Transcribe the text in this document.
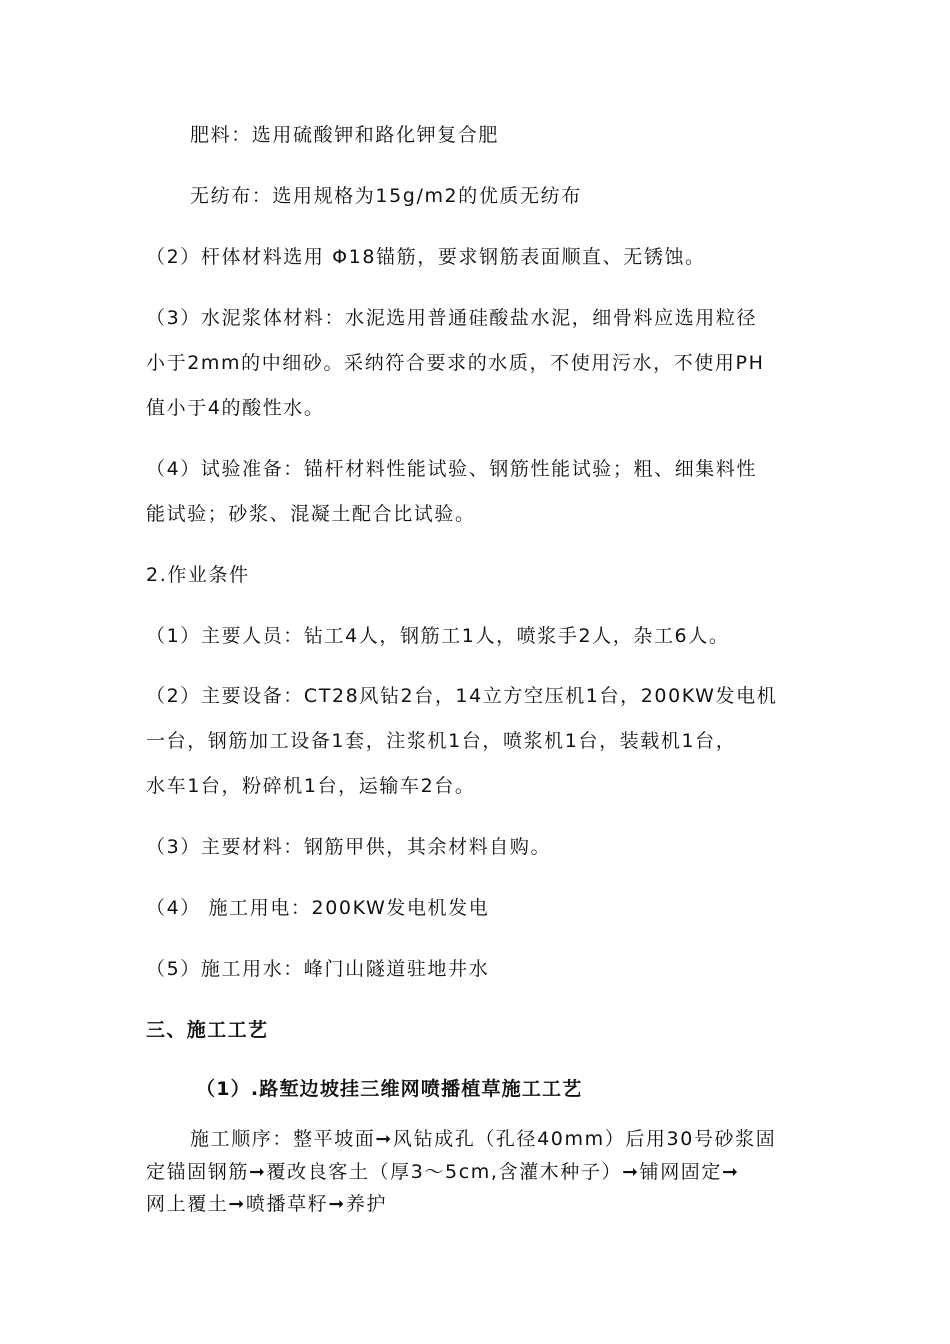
肥料：选用硫酸钾和路化钾复合肥
无纺布：选用规格为15g/m2的优质无纺布
（2）杆体材料选用 Φ18锚筋，要求钢筋表面顺直、无锈蚀。
（3）水泥浆体材料：水泥选用普通硅酸盐水泥，细骨料应选用粒径
小于2mm的中细砂。采纳符合要求的水质，不使用污水，不使用PH
值小于4的酸性水。
（4）试验准备：锚杆材料性能试验、钢筋性能试验；粗、细集料性
能试验；砂浆、混凝土配合比试验。
2.作业条件
（1）主要人员：钻工4人，钢筋工1人，喷浆手2人，杂工6人。
（2）主要设备：CT28风钻2台，14立方空压机1台，200KW发电机
一台，钢筋加工设备1套，注浆机1台，喷浆机1台，装载机1台，
水车1台，粉碎机1台，运输车2台。
（3）主要材料：钢筋甲供，其余材料自购。
（4） 施工用电：200KW发电机发电
（5）施工用水：峰门山隧道驻地井水
三、施工工艺
（1）.路堑边坡挂三维网喷播植草施工工艺
施工顺序：整平坡面➞风钻成孔（孔径40mm）后用30号砂浆固
定锚固钢筋➞覆改良客土（厚3～5cm,含灌木种子）➞铺网固定➞
网上覆土➞喷播草籽➞养护
